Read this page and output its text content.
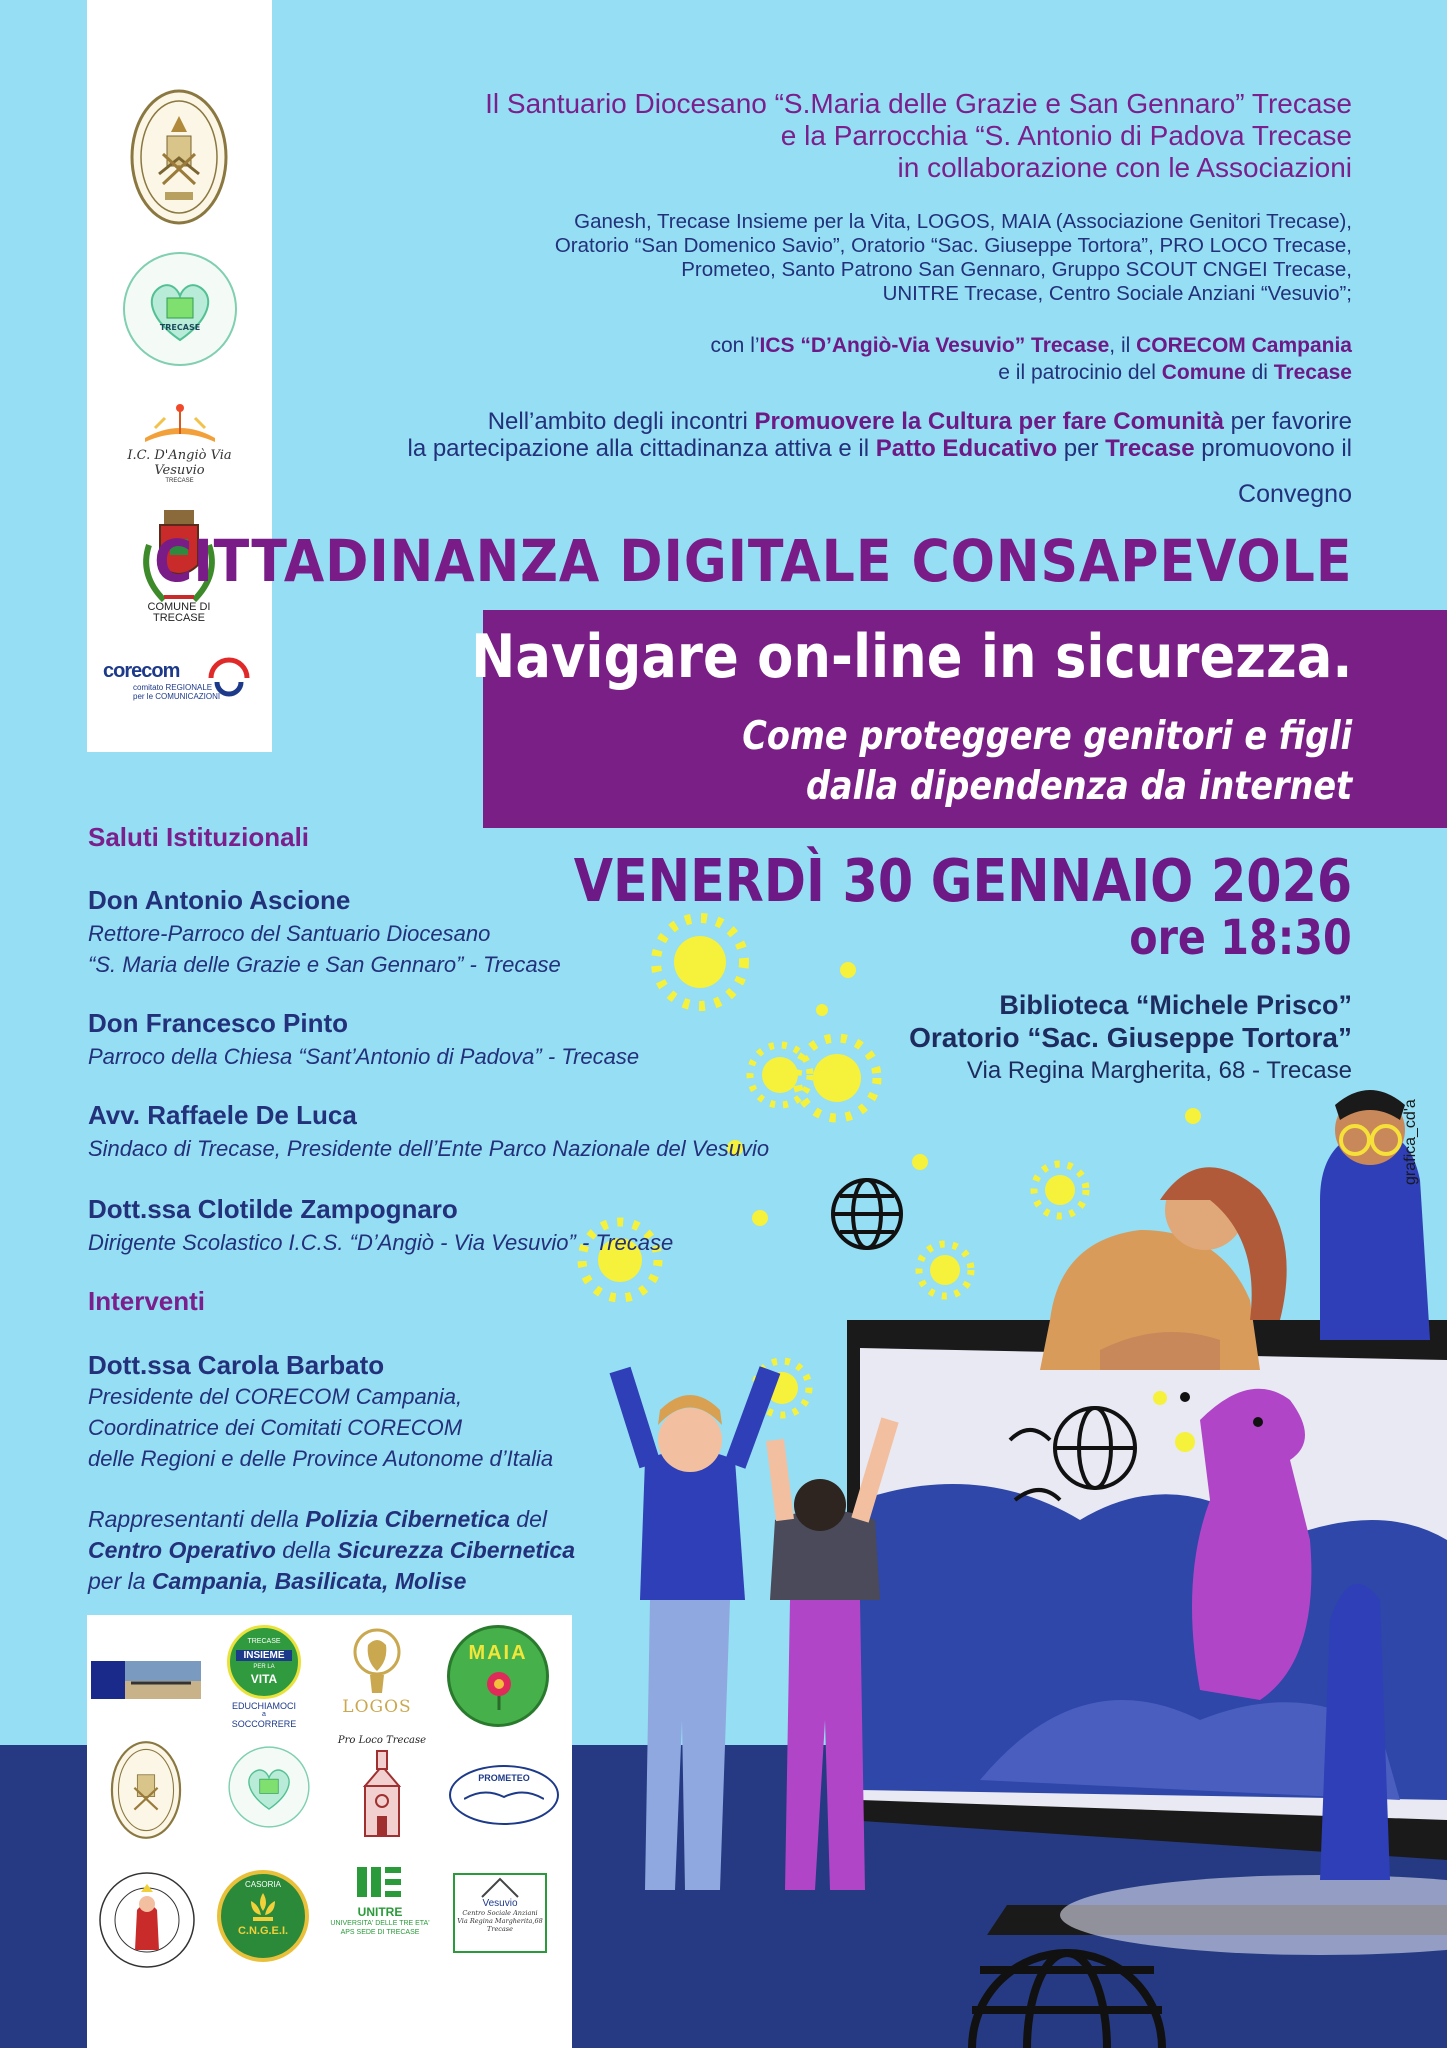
TRECASE
I.C. D'Angiò Via Vesuvio
TRECASE
COMUNE DI
TRECASE
corecom
comitato REGIONALE
per le COMUNICAZIONI
Il Santuario Diocesano “S.Maria delle Grazie e San Gennaro” Trecase
e la Parrocchia “S. Antonio di Padova Trecase
in collaborazione con le Associazioni
Ganesh, Trecase Insieme per la Vita, LOGOS, MAIA (Associazione Genitori Trecase),
Oratorio “San Domenico Savio”, Oratorio “Sac. Giuseppe Tortora”, PRO LOCO Trecase,
Prometeo, Santo Patrono San Gennaro, Gruppo SCOUT CNGEI Trecase,
UNITRE Trecase, Centro Sociale Anziani “Vesuvio”;
con l’ICS “D’Angiò-Via Vesuvio” Trecase, il CORECOM Campania
e il patrocinio del Comune di Trecase
Nell’ambito degli incontri Promuovere la Cultura per fare Comunità per favorire
la partecipazione alla cittadinanza attiva e il Patto Educativo per Trecase promuovono il
Convegno
CITTADINANZA DIGITALE CONSAPEVOLE
Navigare on-line in sicurezza.
Come proteggere genitori e figli
dalla dipendenza da internet
VENERDÌ 30 GENNAIO 2026
ore 18:30
Biblioteca “Michele Prisco”
Oratorio “Sac. Giuseppe Tortora”
Via Regina Margherita, 68 - Trecase
grafica_cd'a
Saluti Istituzionali
Don Antonio Ascione
Rettore-Parroco del Santuario Diocesano
“S. Maria delle Grazie e San Gennaro” - Trecase
Don Francesco Pinto
Parroco della Chiesa “Sant’Antonio di Padova” - Trecase
Avv. Raffaele De Luca
Sindaco di Trecase, Presidente dell’Ente Parco Nazionale del Vesuvio
Dott.ssa Clotilde Zampognaro
Dirigente Scolastico I.C.S. “D’Angiò - Via Vesuvio” - Trecase
Interventi
Dott.ssa Carola Barbato
Presidente del CORECOM Campania,
Coordinatrice dei Comitati CORECOM
delle Regioni e delle Province Autonome d’Italia
Rappresentanti della Polizia Cibernetica del
Centro Operativo della Sicurezza Cibernetica
per la Campania, Basilicata, Molise
TRECASE
INSIEME
PER LA
VITA
EDUCHIAMOCI
a
SOCCORRERE
LOGOS
MAIA
Pro Loco Trecase
PROMETEO
CASORIA
C.N.G.E.I.
UNITRE
UNIVERSITA' DELLE TRE ETA'
APS SEDE DI TRECASE
Vesuvio
Centro Sociale Anziani
Via Regina Margherita,68
Trecase
